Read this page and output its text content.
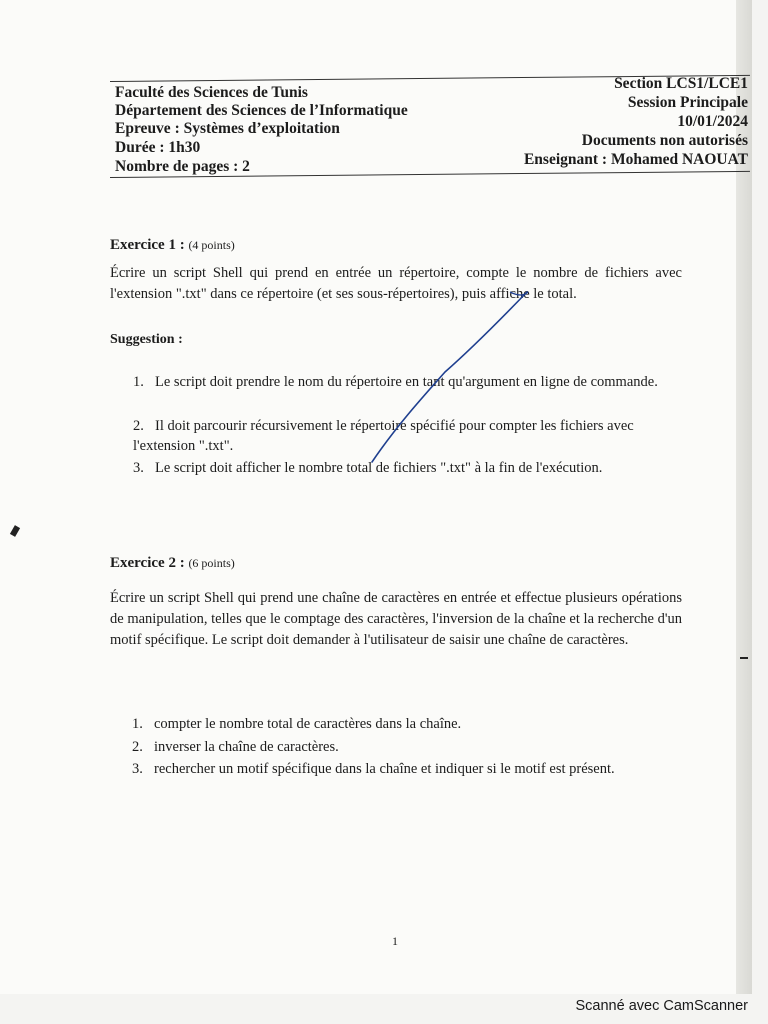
Faculté des Sciences de Tunis
Département des Sciences de l’Informatique
Epreuve : Systèmes d’exploitation
Durée : 1h30
Nombre de pages : 2
Section LCS1/LCE1
Session Principale
10/01/2024
Documents non autorisés
Enseignant : Mohamed NAOUAT
Exercice 1 : (4 points)
Écrire un script Shell qui prend en entrée un répertoire, compte le nombre de fichiers avec l'extension ".txt" dans ce répertoire (et ses sous-répertoires), puis affiche le total.
Suggestion :
1. Le script doit prendre le nom du répertoire en tant qu'argument en ligne de commande.
2. Il doit parcourir récursivement le répertoire spécifié pour compter les fichiers avec l'extension ".txt".
3. Le script doit afficher le nombre total de fichiers ".txt" à la fin de l'exécution.
Exercice 2 : (6 points)
Écrire un script Shell qui prend une chaîne de caractères en entrée et effectue plusieurs opérations de manipulation, telles que le comptage des caractères, l'inversion de la chaîne et la recherche d'un motif spécifique. Le script doit demander à l'utilisateur de saisir une chaîne de caractères.
1. compter le nombre total de caractères dans la chaîne.
2. inverser la chaîne de caractères.
3. rechercher un motif spécifique dans la chaîne et indiquer si le motif est présent.
1
Scanné avec CamScanner
